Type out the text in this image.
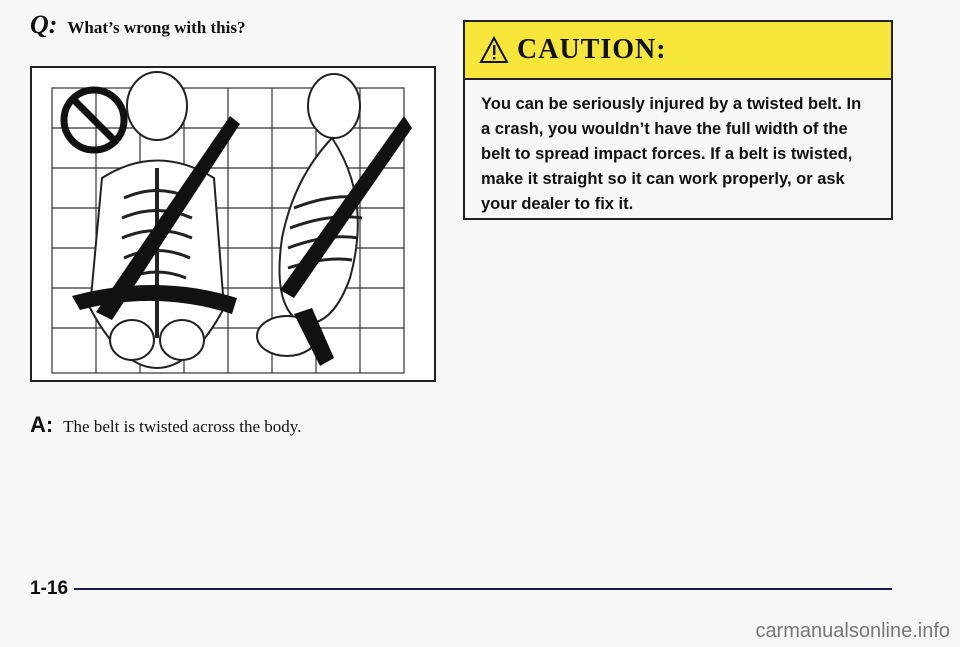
Q: What’s wrong with this?
A: The belt is twisted across the body.
CAUTION:
You can be seriously injured by a twisted belt. In a crash, you wouldn’t have the full width of the belt to spread impact forces. If a belt is twisted, make it straight so it can work properly, or ask your dealer to fix it.
1-16
carmanualsonline.info
